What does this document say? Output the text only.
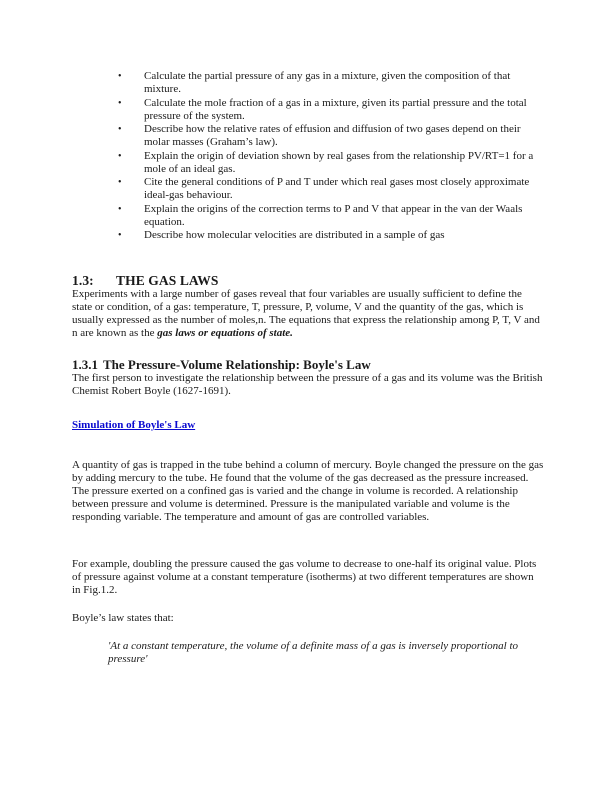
• Calculate the partial pressure of any gas in a mixture, given the composition of that mixture.
• Calculate the mole fraction of a gas in a mixture, given its partial pressure and the total pressure of the system.
• Describe how the relative rates of effusion and diffusion of two gases depend on their molar masses (Graham’s law).
• Explain the origin of deviation shown by real gases from the relationship PV/RT=1 for a mole of an ideal gas.
• Cite the general conditions of P and T under which real gases most closely approximate ideal-gas behaviour.
• Explain the origins of the correction terms to P and V that appear in the van der Waals equation.
• Describe how molecular velocities are distributed in a sample of gas
1.3: THE GAS LAWS

Experiments with a large number of gases reveal that four variables are usually sufficient to define the state or condition, of a gas: temperature, T, pressure, P, volume, V and the quantity of the gas, which is usually expressed as the number of moles,n. The equations that express the relationship among P, T, V and n are known as the gas laws or equations of state.

1.3.1 The Pressure-Volume Relationship: Boyle's Law

The first person to investigate the relationship between the pressure of a gas and its volume was the British Chemist Robert Boyle (1627-1691).

Simulation of Boyle's Law

A quantity of gas is trapped in the tube behind a column of mercury. Boyle changed the pressure on the gas by adding mercury to the tube. He found that the volume of the gas decreased as the pressure increased. The pressure exerted on a confined gas is varied and the change in volume is recorded. A relationship between pressure and volume is determined. Pressure is the manipulated variable and volume is the responding variable. The temperature and amount of gas are controlled variables.

For example, doubling the pressure caused the gas volume to decrease to one-half its original value. Plots of pressure against volume at a constant temperature (isotherms) at two different temperatures are shown in Fig.1.2.

Boyle’s law states that:

'At a constant temperature, the volume of a definite mass of a gas is inversely proportional to pressure'
